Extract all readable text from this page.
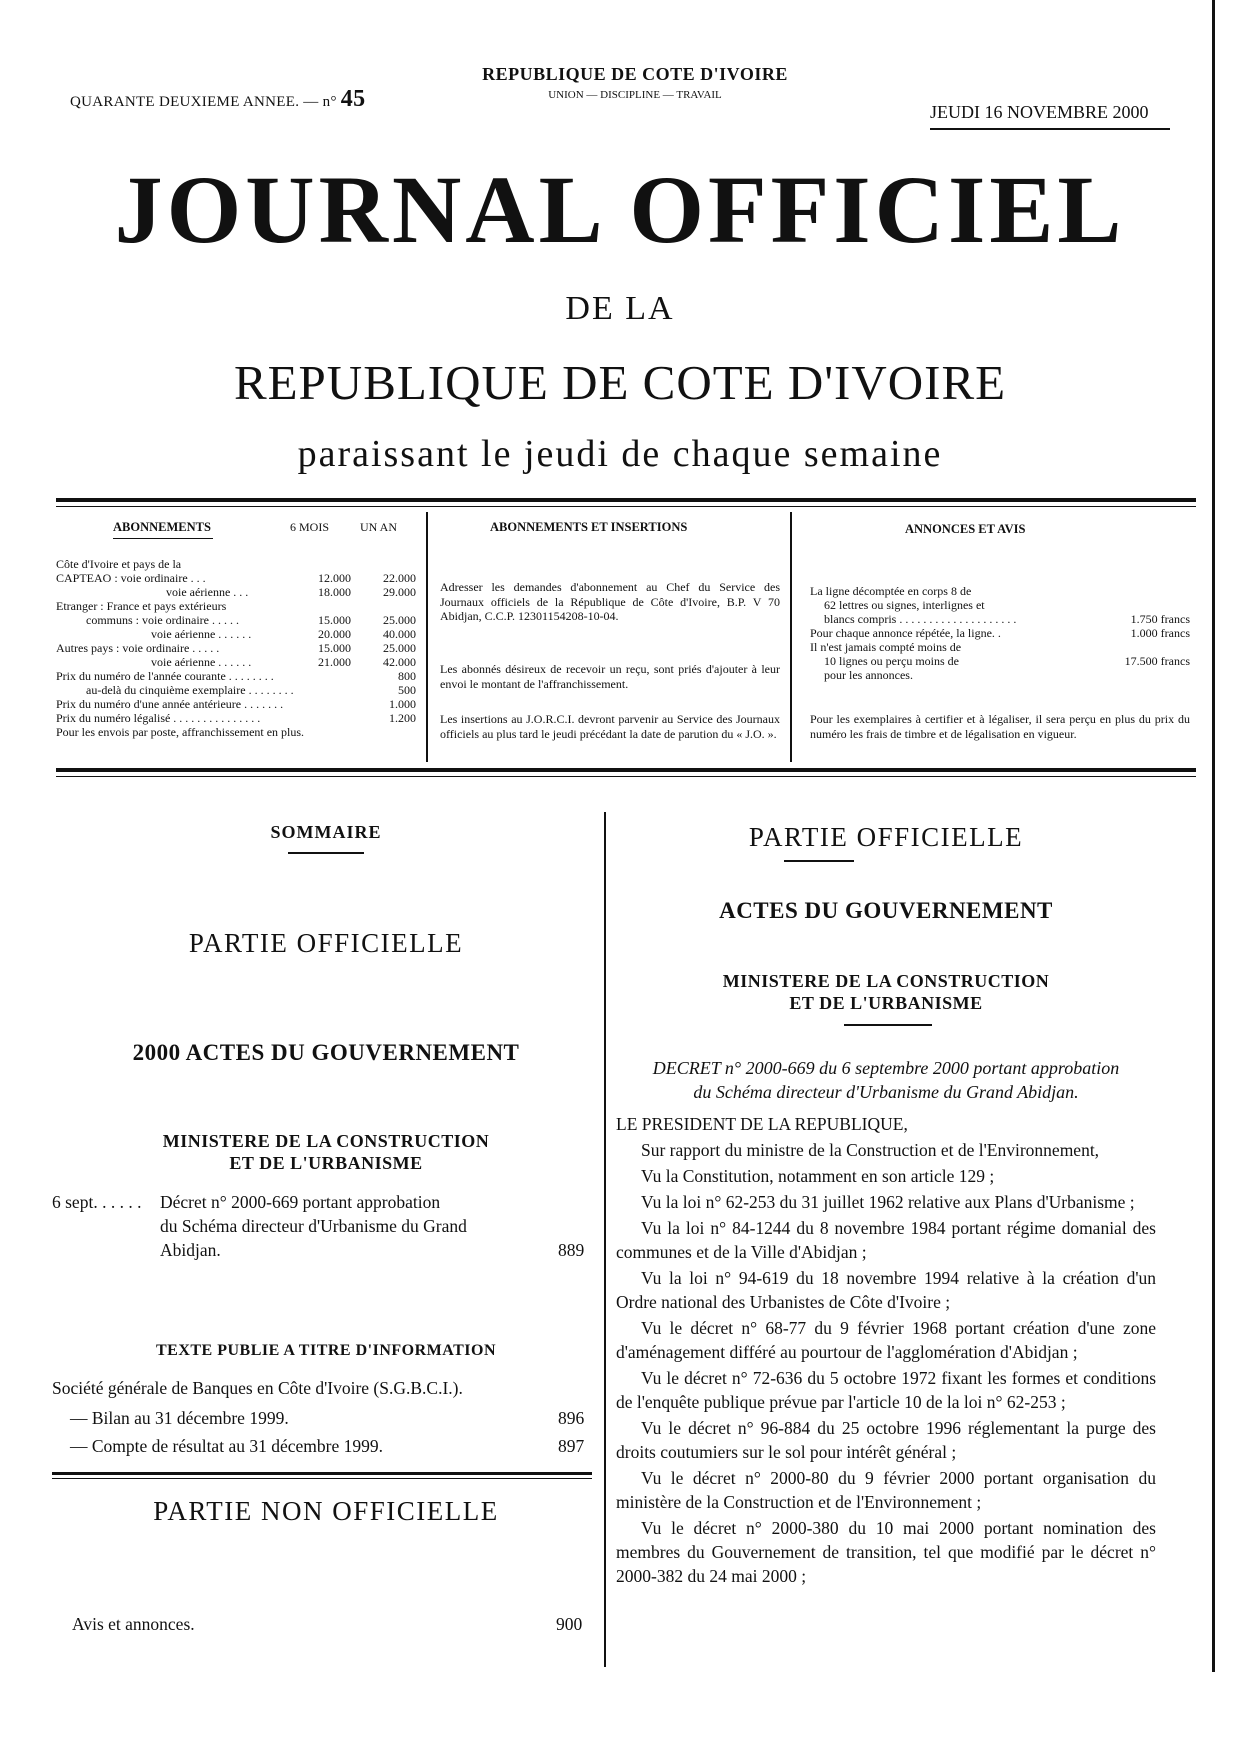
QUARANTE DEUXIEME ANNEE. — n° 45
REPUBLIQUE DE COTE D'IVOIRE
UNION — DISCIPLINE — TRAVAIL
JEUDI 16 NOVEMBRE 2000
JOURNAL OFFICIEL
DE LA
REPUBLIQUE DE COTE D'IVOIRE
paraissant le jeudi de chaque semaine
ABONNEMENTS	6 MOIS	UN AN
Côte d'Ivoire et pays de la
CAPTEAO : voie ordinaire . . .	12.000	22.000
voie aérienne . . .	18.000	29.000
Etranger : France et pays extérieurs
communs : voie ordinaire . . . . .	15.000	25.000
voie aérienne . . . . . .	20.000	40.000
Autres pays : voie ordinaire . . . . .	15.000	25.000
voie aérienne . . . . . .	21.000	42.000
Prix du numéro de l'année courante . . . . . . . .	800
au-delà du cinquième exemplaire . . . . . . . .	500
Prix du numéro d'une année antérieure . . . . . . .	1.000
Prix du numéro légalisé . . . . . . . . . . . . . . .	1.200
Pour les envois par poste, affranchissement en plus.
ABONNEMENTS ET INSERTIONS
Adresser les demandes d'abonnement au Chef du Service des Journaux officiels de la République de Côte d'Ivoire, B.P. V 70 Abidjan, C.C.P. 12301154208-10-04.
Les abonnés désireux de recevoir un reçu, sont priés d'ajouter à leur envoi le montant de l'affranchissement.
Les insertions au J.O.R.C.I. devront parvenir au Service des Journaux officiels au plus tard le jeudi précédant la date de parution du « J.O. ».
ANNONCES ET AVIS
La ligne décomptée en corps 8 de
62 lettres ou signes, interlignes et
blancs compris . . . . . . . . . . . . . . . . . . . .	1.750 francs
Pour chaque annonce répétée, la ligne. .	1.000 francs
Il n'est jamais compté moins de
10 lignes ou perçu moins de	17.500 francs
pour les annonces.
Pour les exemplaires à certifier et à légaliser, il sera perçu en plus du prix du numéro les frais de timbre et de légalisation en vigueur.
SOMMAIRE
PARTIE OFFICIELLE
2000 ACTES DU GOUVERNEMENT
MINISTERE DE LA CONSTRUCTION
ET DE L'URBANISME
6 sept. . . . . . Décret n° 2000-669 portant approbation
du Schéma directeur d'Urbanisme du Grand
Abidjan.	889
TEXTE PUBLIE A TITRE D'INFORMATION
Société générale de Banques en Côte d'Ivoire (S.G.B.C.I.).
— Bilan au 31 décembre 1999.	896
— Compte de résultat au 31 décembre 1999.	897
PARTIE NON OFFICIELLE
Avis et annonces.	900
PARTIE OFFICIELLE
ACTES DU GOUVERNEMENT
MINISTERE DE LA CONSTRUCTION
ET DE L'URBANISME
DECRET n° 2000-669 du 6 septembre 2000 portant approbation
du Schéma directeur d'Urbanisme du Grand Abidjan.
LE PRESIDENT DE LA REPUBLIQUE,
Sur rapport du ministre de la Construction et de l'Environnement,
Vu la Constitution, notamment en son article 129 ;
Vu la loi n° 62-253 du 31 juillet 1962 relative aux Plans d'Urbanisme ;
Vu la loi n° 84-1244 du 8 novembre 1984 portant régime domanial des communes et de la Ville d'Abidjan ;
Vu la loi n° 94-619 du 18 novembre 1994 relative à la création d'un Ordre national des Urbanistes de Côte d'Ivoire ;
Vu le décret n° 68-77 du 9 février 1968 portant création d'une zone d'aménagement différé au pourtour de l'agglomération d'Abidjan ;
Vu le décret n° 72-636 du 5 octobre 1972 fixant les formes et conditions de l'enquête publique prévue par l'article 10 de la loi n° 62-253 ;
Vu le décret n° 96-884 du 25 octobre 1996 réglementant la purge des droits coutumiers sur le sol pour intérêt général ;
Vu le décret n° 2000-80 du 9 février 2000 portant organisation du ministère de la Construction et de l'Environnement ;
Vu le décret n° 2000-380 du 10 mai 2000 portant nomination des membres du Gouvernement de transition, tel que modifié par le décret n° 2000-382 du 24 mai 2000 ;
